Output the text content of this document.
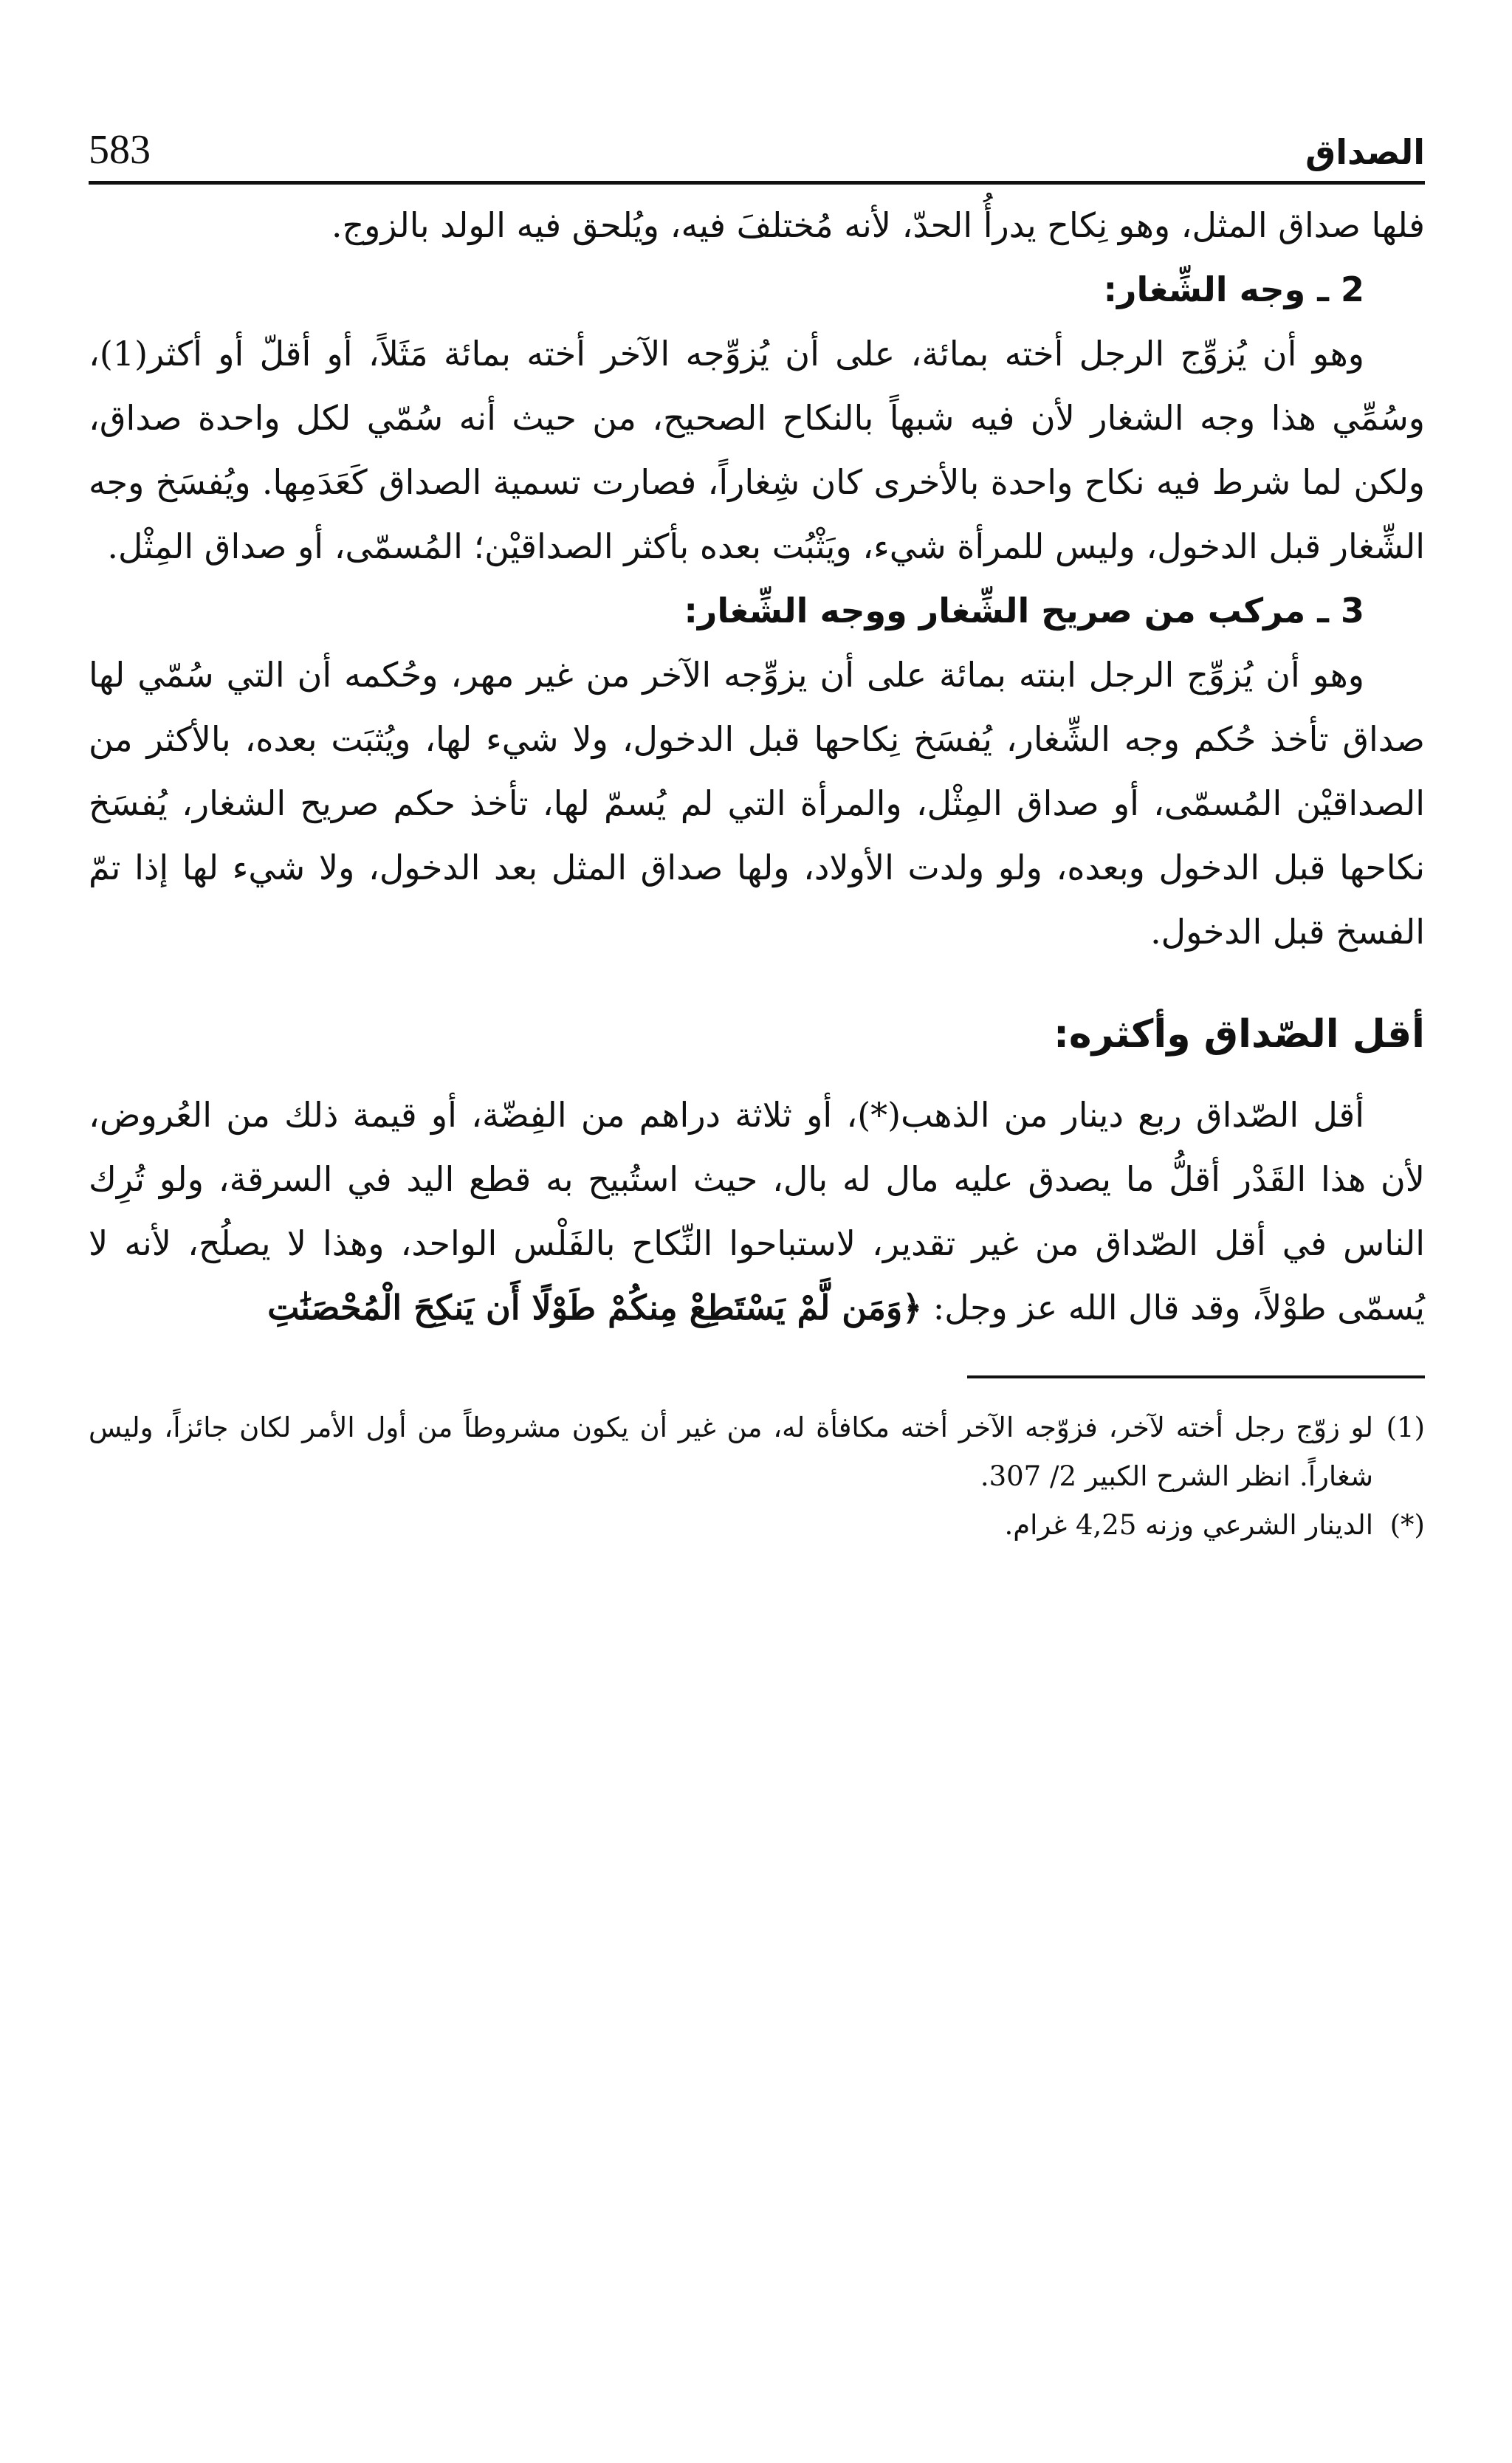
الصداق
583

فلها صداق المثل، وهو نِكاح يدرأُ الحدّ، لأنه مُختلفَ فيه، ويُلحق فيه الولد بالزوج.

2 ـ وجه الشِّغار:

وهو أن يُزوِّج الرجل أخته بمائة، على أن يُزوِّجه الآخر أخته بمائة مَثَلاً، أو أقلّ أو أكثر(1)، وسُمِّي هذا وجه الشغار لأن فيه شبهاً بالنكاح الصحيح، من حيث أنه سُمّي لكل واحدة صداق، ولكن لما شرط فيه نكاح واحدة بالأخرى كان شِغاراً، فصارت تسمية الصداق كَعَدَمِها. ويُفسَخ وجه الشِّغار قبل الدخول، وليس للمرأة شيء، ويَثْبُت بعده بأكثر الصداقيْن؛ المُسمّى، أو صداق المِثْل.

3 ـ مركب من صريح الشِّغار ووجه الشِّغار:

وهو أن يُزوِّج الرجل ابنته بمائة على أن يزوِّجه الآخر من غير مهر، وحُكمه أن التي سُمّي لها صداق تأخذ حُكم وجه الشِّغار، يُفسَخ نِكاحها قبل الدخول، ولا شيء لها، ويُثبَت بعده، بالأكثر من الصداقيْن المُسمّى، أو صداق المِثْل، والمرأة التي لم يُسمّ لها، تأخذ حكم صريح الشغار، يُفسَخ نكاحها قبل الدخول وبعده، ولو ولدت الأولاد، ولها صداق المثل بعد الدخول، ولا شيء لها إذا تمّ الفسخ قبل الدخول.

أقل الصّداق وأكثره:

أقل الصّداق ربع دينار من الذهب(*)، أو ثلاثة دراهم من الفِضّة، أو قيمة ذلك من العُروض، لأن هذا القَدْر أقلُّ ما يصدق عليه مال له بال، حيث استُبيح به قطع اليد في السرقة، ولو تُرِك الناس في أقل الصّداق من غير تقدير، لاستباحوا النِّكاح بالفَلْس الواحد، وهذا لا يصلُح، لأنه لا يُسمّى طوْلاً، وقد قال الله عز وجل: ﴿وَمَن لَّمْ يَسْتَطِعْ مِنكُمْ طَوْلًا أَن يَنكِحَ الْمُحْصَنَٰتِ

(1)
لو زوّج رجل أخته لآخر، فزوّجه الآخر أخته مكافأة له، من غير أن يكون مشروطاً من أول الأمر لكان جائزاً، وليس شغاراً. انظر الشرح الكبير 2/ 307.
(*)
الدينار الشرعي وزنه 4,25 غرام.
